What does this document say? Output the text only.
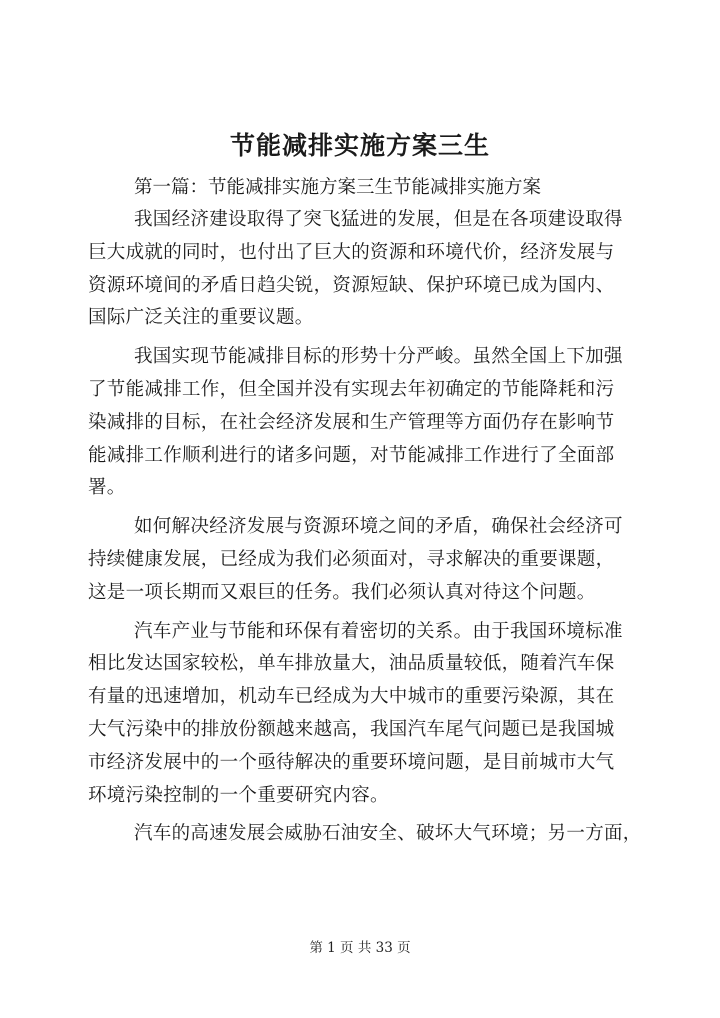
节能减排实施方案三生

第一篇：节能减排实施方案三生节能减排实施方案

我国经济建设取得了突飞猛进的发展，但是在各项建设取得
巨大成就的同时，也付出了巨大的资源和环境代价，经济发展与
资源环境间的矛盾日趋尖锐，资源短缺、保护环境已成为国内、
国际广泛关注的重要议题。

我国实现节能减排目标的形势十分严峻。虽然全国上下加强
了节能减排工作，但全国并没有实现去年初确定的节能降耗和污
染减排的目标，在社会经济发展和生产管理等方面仍存在影响节
能减排工作顺利进行的诸多问题，对节能减排工作进行了全面部
署。

如何解决经济发展与资源环境之间的矛盾，确保社会经济可
持续健康发展，已经成为我们必须面对，寻求解决的重要课题，
这是一项长期而又艰巨的任务。我们必须认真对待这个问题。

汽车产业与节能和环保有着密切的关系。由于我国环境标准
相比发达国家较松，单车排放量大，油品质量较低，随着汽车保
有量的迅速增加，机动车已经成为大中城市的重要污染源，其在
大气污染中的排放份额越来越高，我国汽车尾气问题已是我国城
市经济发展中的一个亟待解决的重要环境问题，是目前城市大气
环境污染控制的一个重要研究内容。

汽车的高速发展会威胁石油安全、破坏大气环境；另一方面，

第 1 页 共 33 页
